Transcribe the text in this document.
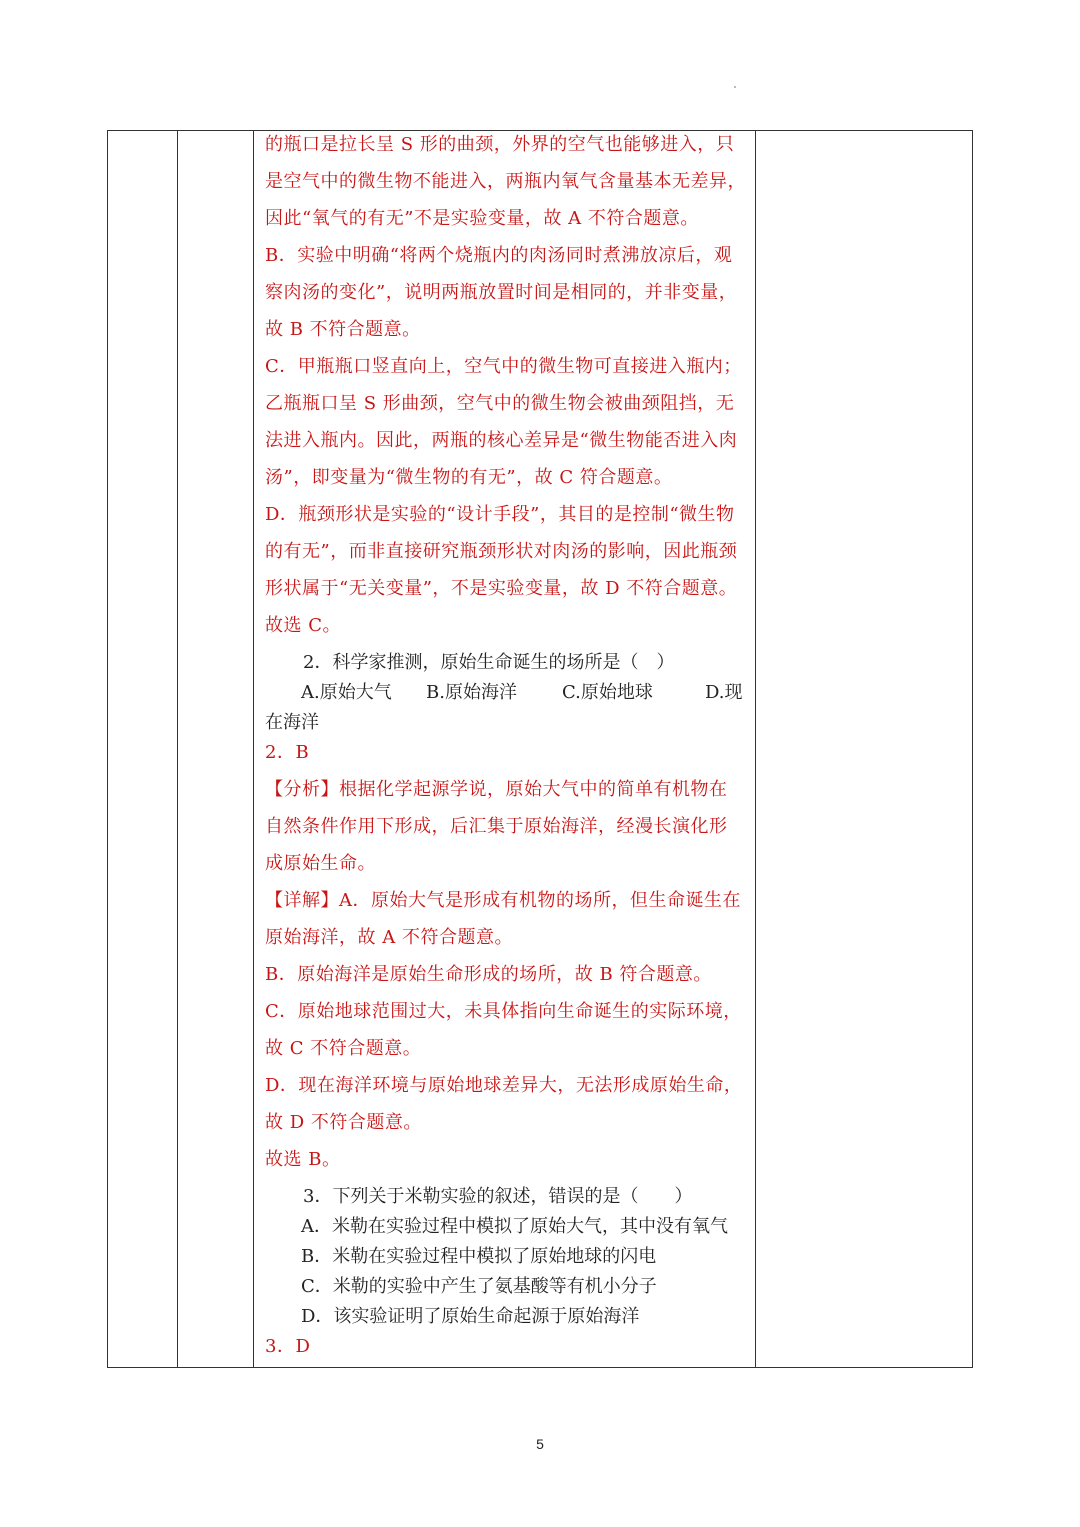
的瓶口是拉长呈 S 形的曲颈，外界的空气也能够进入，只
是空气中的微生物不能进入，两瓶内氧气含量基本无差异，
因此“氧气的有无”不是实验变量，故 A 不符合题意。
B．实验中明确“将两个烧瓶内的肉汤同时煮沸放凉后，观
察肉汤的变化”，说明两瓶放置时间是相同的，并非变量，
故 B 不符合题意。
C．甲瓶瓶口竖直向上，空气中的微生物可直接进入瓶内；
乙瓶瓶口呈 S 形曲颈，空气中的微生物会被曲颈阻挡，无
法进入瓶内。因此，两瓶的核心差异是“微生物能否进入肉
汤”，即变量为“微生物的有无”，故 C 符合题意。
D．瓶颈形状是实验的“设计手段”，其目的是控制“微生物
的有无”，而非直接研究瓶颈形状对肉汤的影响，因此瓶颈
形状属于“无关变量”，不是实验变量，故 D 不符合题意。
故选 C。
2．科学家推测，原始生命诞生的场所是（　）
A.原始大气	B.原始海洋	C.原始地球	D.现
在海洋
2．B
【分析】根据化学起源学说，原始大气中的简单有机物在
自然条件作用下形成，后汇集于原始海洋，经漫长演化形
成原始生命。
【详解】A．原始大气是形成有机物的场所，但生命诞生在
原始海洋，故 A 不符合题意。
B．原始海洋是原始生命形成的场所，故 B 符合题意。
C．原始地球范围过大，未具体指向生命诞生的实际环境，
故 C 不符合题意。
D．现在海洋环境与原始地球差异大，无法形成原始生命，
故 D 不符合题意。
故选 B。
3．下列关于米勒实验的叙述，错误的是（　　）
A．米勒在实验过程中模拟了原始大气，其中没有氧气
B．米勒在实验过程中模拟了原始地球的闪电
C．米勒的实验中产生了氨基酸等有机小分子
D．该实验证明了原始生命起源于原始海洋
3．D
5
